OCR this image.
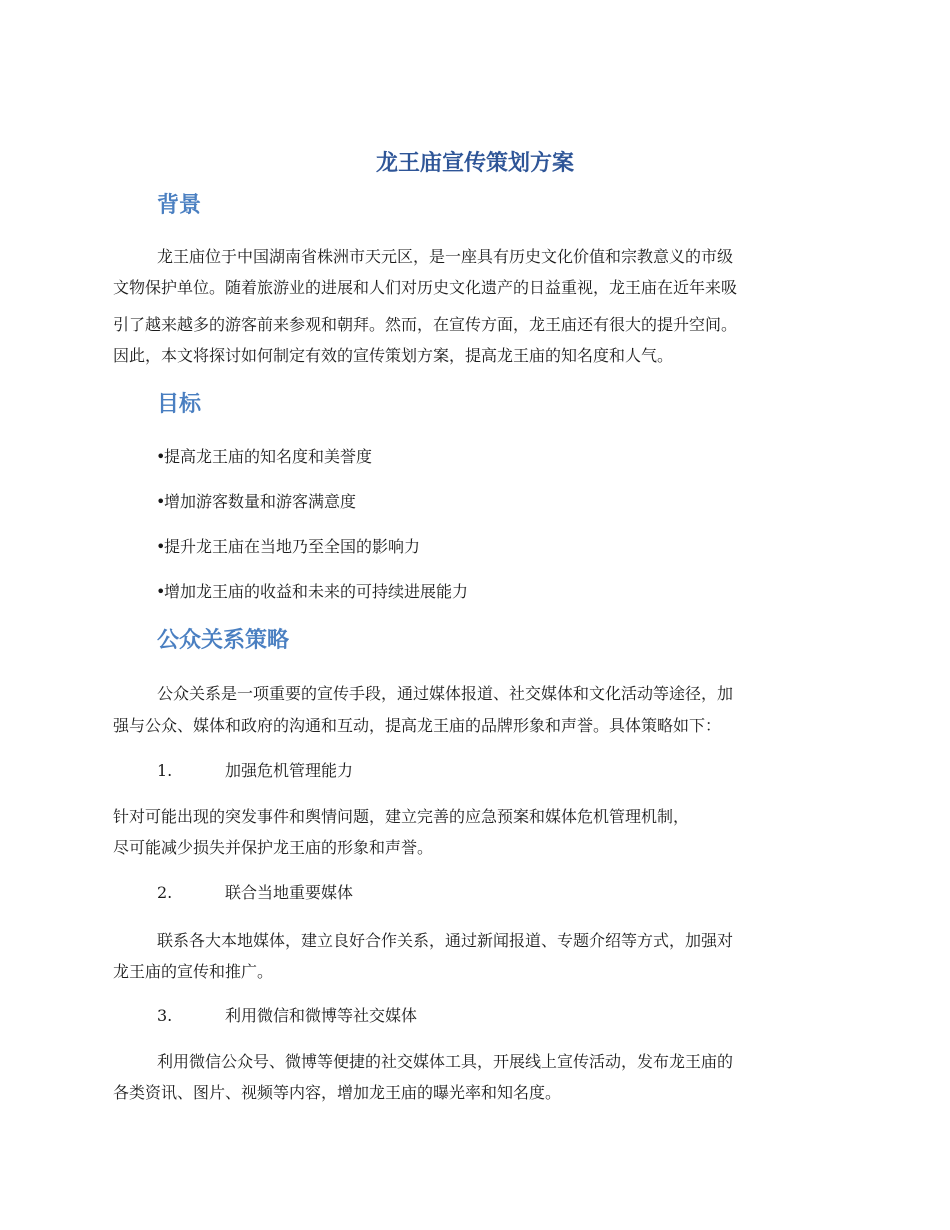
龙王庙宣传策划方案
背景
龙王庙位于中国湖南省株洲市天元区，是一座具有历史文化价值和宗教意义的市级
文物保护单位。随着旅游业的进展和人们对历史文化遗产的日益重视，龙王庙在近年来吸
引了越来越多的游客前来参观和朝拜。然而，在宣传方面，龙王庙还有很大的提升空间。
因此，本文将探讨如何制定有效的宣传策划方案，提高龙王庙的知名度和人气。
目标
•提高龙王庙的知名度和美誉度
•增加游客数量和游客满意度
•提升龙王庙在当地乃至全国的影响力
•增加龙王庙的收益和未来的可持续进展能力
公众关系策略
公众关系是一项重要的宣传手段，通过媒体报道、社交媒体和文化活动等途径，加
强与公众、媒体和政府的沟通和互动，提高龙王庙的品牌形象和声誉。具体策略如下：
1.	加强危机管理能力
针对可能出现的突发事件和舆情问题，建立完善的应急预案和媒体危机管理机制，
尽可能减少损失并保护龙王庙的形象和声誉。
2.	联合当地重要媒体
联系各大本地媒体，建立良好合作关系，通过新闻报道、专题介绍等方式，加强对
龙王庙的宣传和推广。
3.	利用微信和微博等社交媒体
利用微信公众号、微博等便捷的社交媒体工具，开展线上宣传活动，发布龙王庙的
各类资讯、图片、视频等内容，增加龙王庙的曝光率和知名度。
